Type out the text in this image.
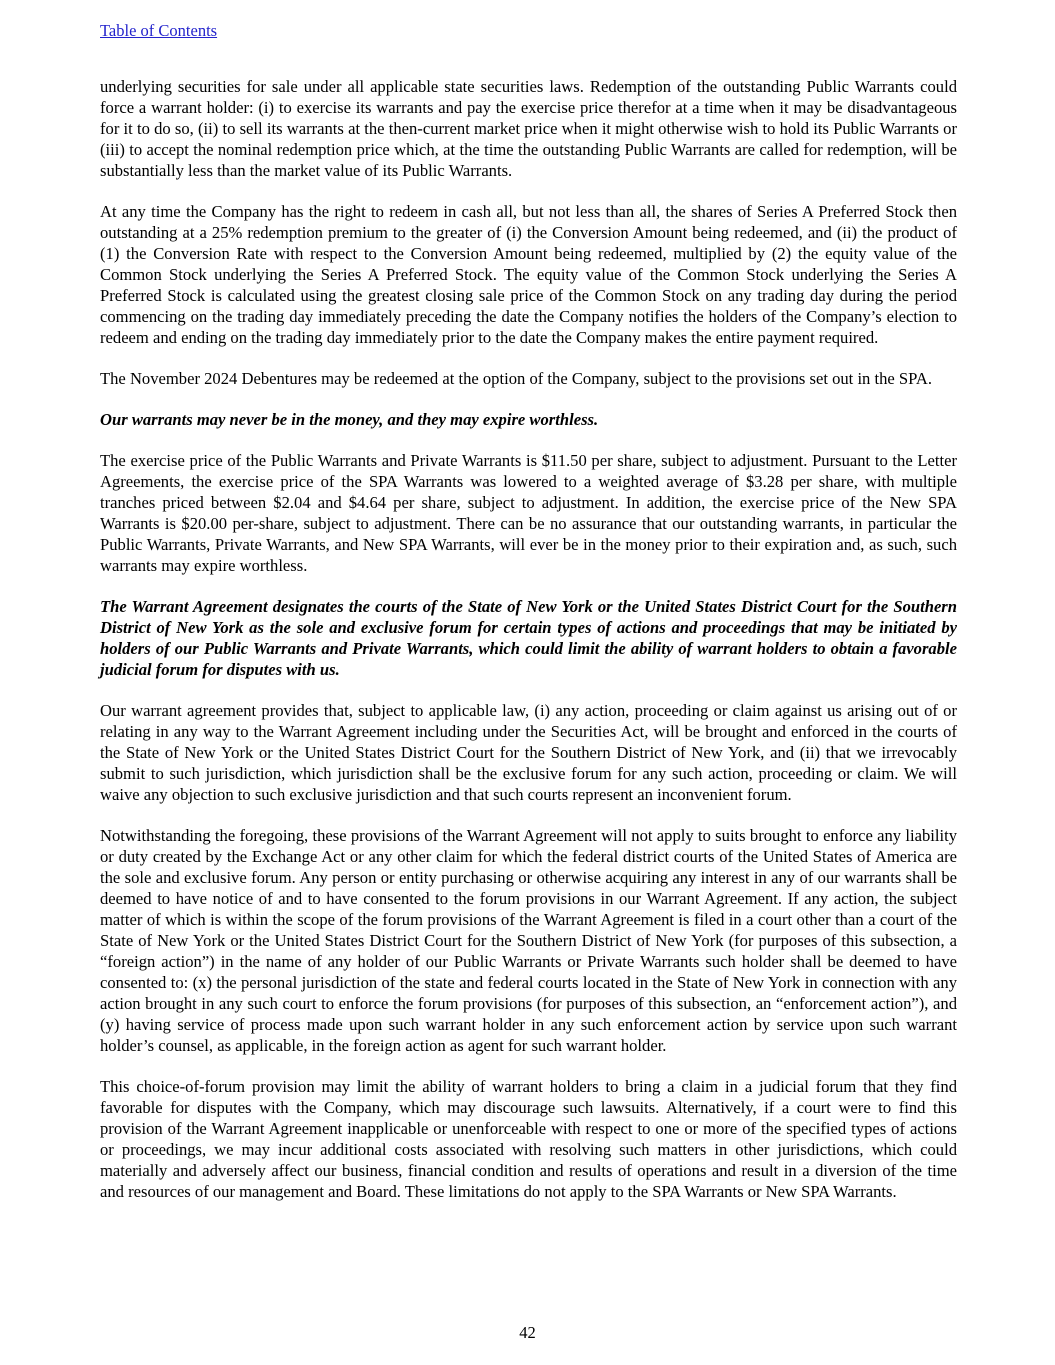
Table of Contents
underlying securities for sale under all applicable state securities laws. Redemption of the outstanding Public Warrants could force a warrant holder: (i) to exercise its warrants and pay the exercise price therefor at a time when it may be disadvantageous for it to do so, (ii) to sell its warrants at the then-current market price when it might otherwise wish to hold its Public Warrants or (iii) to accept the nominal redemption price which, at the time the outstanding Public Warrants are called for redemption, will be substantially less than the market value of its Public Warrants.
At any time the Company has the right to redeem in cash all, but not less than all, the shares of Series A Preferred Stock then outstanding at a 25% redemption premium to the greater of (i) the Conversion Amount being redeemed, and (ii) the product of (1) the Conversion Rate with respect to the Conversion Amount being redeemed, multiplied by (2) the equity value of the Common Stock underlying the Series A Preferred Stock. The equity value of the Common Stock underlying the Series A Preferred Stock is calculated using the greatest closing sale price of the Common Stock on any trading day during the period commencing on the trading day immediately preceding the date the Company notifies the holders of the Company’s election to redeem and ending on the trading day immediately prior to the date the Company makes the entire payment required.
The November 2024 Debentures may be redeemed at the option of the Company, subject to the provisions set out in the SPA.
Our warrants may never be in the money, and they may expire worthless.
The exercise price of the Public Warrants and Private Warrants is $11.50 per share, subject to adjustment. Pursuant to the Letter Agreements, the exercise price of the SPA Warrants was lowered to a weighted average of $3.28 per share, with multiple tranches priced between $2.04 and $4.64 per share, subject to adjustment. In addition, the exercise price of the New SPA Warrants is $20.00 per-share, subject to adjustment. There can be no assurance that our outstanding warrants, in particular the Public Warrants, Private Warrants, and New SPA Warrants, will ever be in the money prior to their expiration and, as such, such warrants may expire worthless.
The Warrant Agreement designates the courts of the State of New York or the United States District Court for the Southern District of New York as the sole and exclusive forum for certain types of actions and proceedings that may be initiated by holders of our Public Warrants and Private Warrants, which could limit the ability of warrant holders to obtain a favorable judicial forum for disputes with us.
Our warrant agreement provides that, subject to applicable law, (i) any action, proceeding or claim against us arising out of or relating in any way to the Warrant Agreement including under the Securities Act, will be brought and enforced in the courts of the State of New York or the United States District Court for the Southern District of New York, and (ii) that we irrevocably submit to such jurisdiction, which jurisdiction shall be the exclusive forum for any such action, proceeding or claim. We will waive any objection to such exclusive jurisdiction and that such courts represent an inconvenient forum.
Notwithstanding the foregoing, these provisions of the Warrant Agreement will not apply to suits brought to enforce any liability or duty created by the Exchange Act or any other claim for which the federal district courts of the United States of America are the sole and exclusive forum. Any person or entity purchasing or otherwise acquiring any interest in any of our warrants shall be deemed to have notice of and to have consented to the forum provisions in our Warrant Agreement. If any action, the subject matter of which is within the scope of the forum provisions of the Warrant Agreement is filed in a court other than a court of the State of New York or the United States District Court for the Southern District of New York (for purposes of this subsection, a “foreign action”) in the name of any holder of our Public Warrants or Private Warrants such holder shall be deemed to have consented to: (x) the personal jurisdiction of the state and federal courts located in the State of New York in connection with any action brought in any such court to enforce the forum provisions (for purposes of this subsection, an “enforcement action”), and (y) having service of process made upon such warrant holder in any such enforcement action by service upon such warrant holder’s counsel, as applicable, in the foreign action as agent for such warrant holder.
This choice-of-forum provision may limit the ability of warrant holders to bring a claim in a judicial forum that they find favorable for disputes with the Company, which may discourage such lawsuits. Alternatively, if a court were to find this provision of the Warrant Agreement inapplicable or unenforceable with respect to one or more of the specified types of actions or proceedings, we may incur additional costs associated with resolving such matters in other jurisdictions, which could materially and adversely affect our business, financial condition and results of operations and result in a diversion of the time and resources of our management and Board. These limitations do not apply to the SPA Warrants or New SPA Warrants.
42
